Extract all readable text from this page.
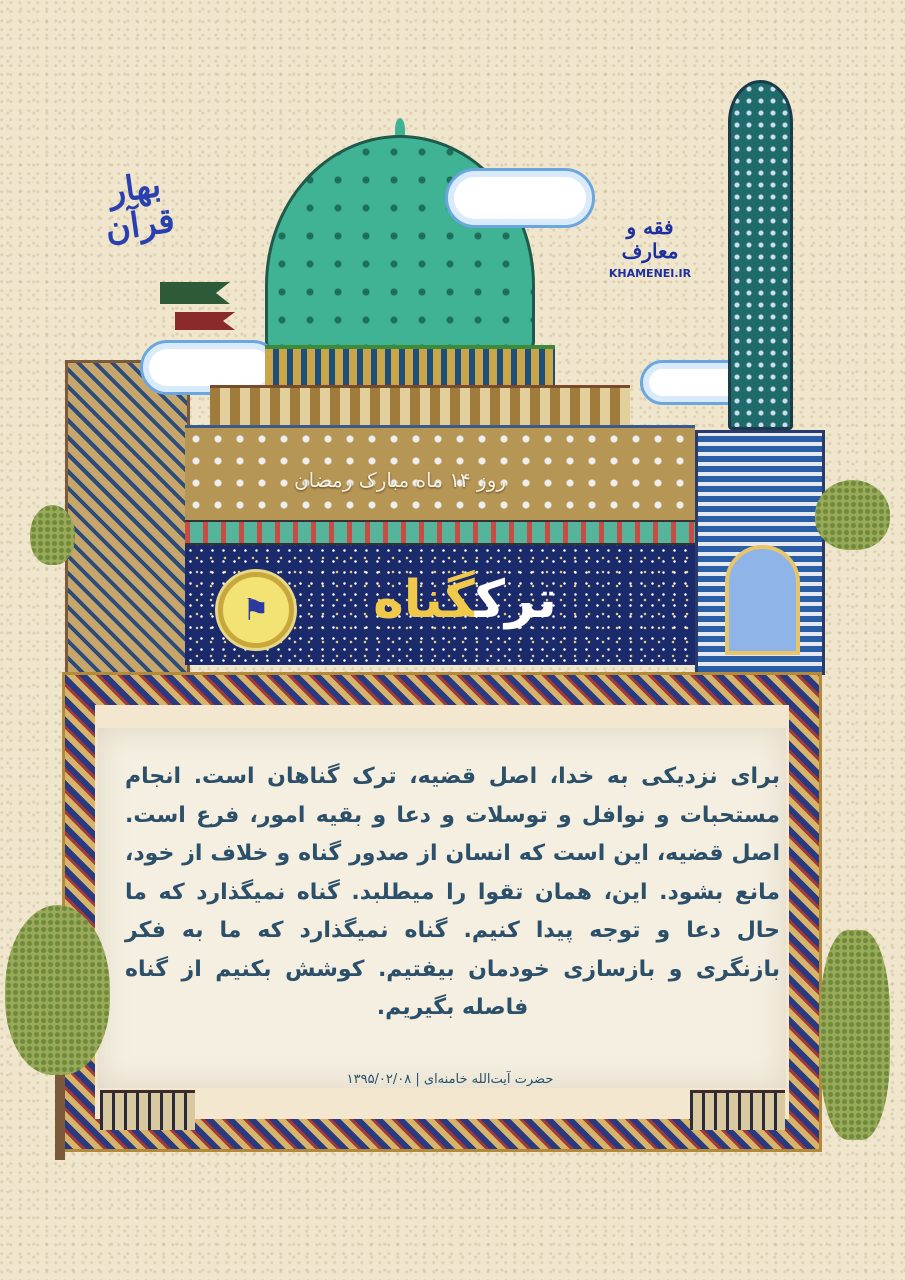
بهار قرآن	فقه و معارف
KHAMENEI.IR
روز ۱۴ ماه مبارک رمضان
⚑	ترکگناه
برای نزدیکی به خدا، اصل قضیه، ترک گناهان است. انجام مستحبات و نوافل و توسلات و دعا و بقیه امور، فرع است. اصل قضیه، این است که انسان از صدور گناه و خلاف از خود، مانع بشود. این، همان تقوا را میطلبد. گناه نمیگذارد که ما حال دعا و توجه پیدا کنیم. گناه نمیگذارد که ما به فکر بازنگری و بازسازی خودمان بیفتیم. کوشش بکنیم از گناه فاصله بگیریم.
حضرت آیت‌الله خامنه‌ای | ۱۳۹۵/۰۲/۰۸
